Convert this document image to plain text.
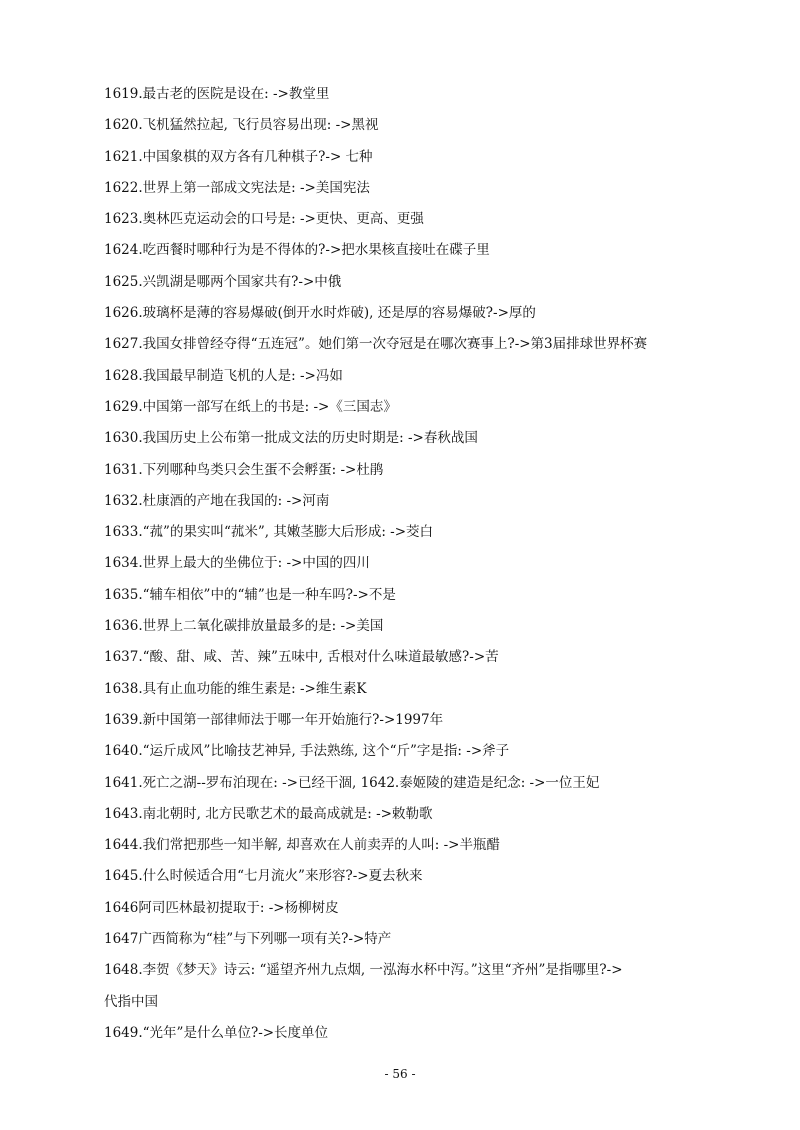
1619.最古老的医院是设在: ->教堂里
1620.飞机猛然拉起, 飞行员容易出现: ->黑视
1621.中国象棋的双方各有几种棋子?-> 七种
1622.世界上第一部成文宪法是: ->美国宪法
1623.奥林匹克运动会的口号是: ->更快、更高、更强
1624.吃西餐时哪种行为是不得体的?->把水果核直接吐在碟子里
1625.兴凯湖是哪两个国家共有?->中俄
1626.玻璃杯是薄的容易爆破(倒开水时炸破), 还是厚的容易爆破?->厚的
1627.我国女排曾经夺得“五连冠”。她们第一次夺冠是在哪次赛事上?->第3届排球世界杯赛
1628.我国最早制造飞机的人是: ->冯如
1629.中国第一部写在纸上的书是: ->《三国志》
1630.我国历史上公布第一批成文法的历史时期是: ->春秋战国
1631.下列哪种鸟类只会生蛋不会孵蛋: ->杜鹃
1632.杜康酒的产地在我国的: ->河南
1633.“菰”的果实叫“菰米”, 其嫩茎膨大后形成: ->茭白
1634.世界上最大的坐佛位于: ->中国的四川
1635.“辅车相依”中的“辅”也是一种车吗?->不是
1636.世界上二氧化碳排放量最多的是: ->美国
1637.“酸、甜、咸、苦、辣”五味中, 舌根对什么味道最敏感?->苦
1638.具有止血功能的维生素是: ->维生素K
1639.新中国第一部律师法于哪一年开始施行?->1997年
1640.“运斤成风”比喻技艺神异, 手法熟练, 这个“斤”字是指: ->斧子
1641.死亡之湖--罗布泊现在: ->已经干涸, 1642.泰姬陵的建造是纪念: ->一位王妃
1643.南北朝时, 北方民歌艺术的最高成就是: ->敕勒歌
1644.我们常把那些一知半解, 却喜欢在人前卖弄的人叫: ->半瓶醋
1645.什么时候适合用“七月流火”来形容?->夏去秋来
1646阿司匹林最初提取于: ->杨柳树皮
1647广西简称为“桂”与下列哪一项有关?->特产
1648.李贺《梦天》诗云: “遥望齐州九点烟, 一泓海水杯中泻。”这里“齐州”是指哪里?->
代指中国
1649.“光年”是什么单位?->长度单位
- 56 -
